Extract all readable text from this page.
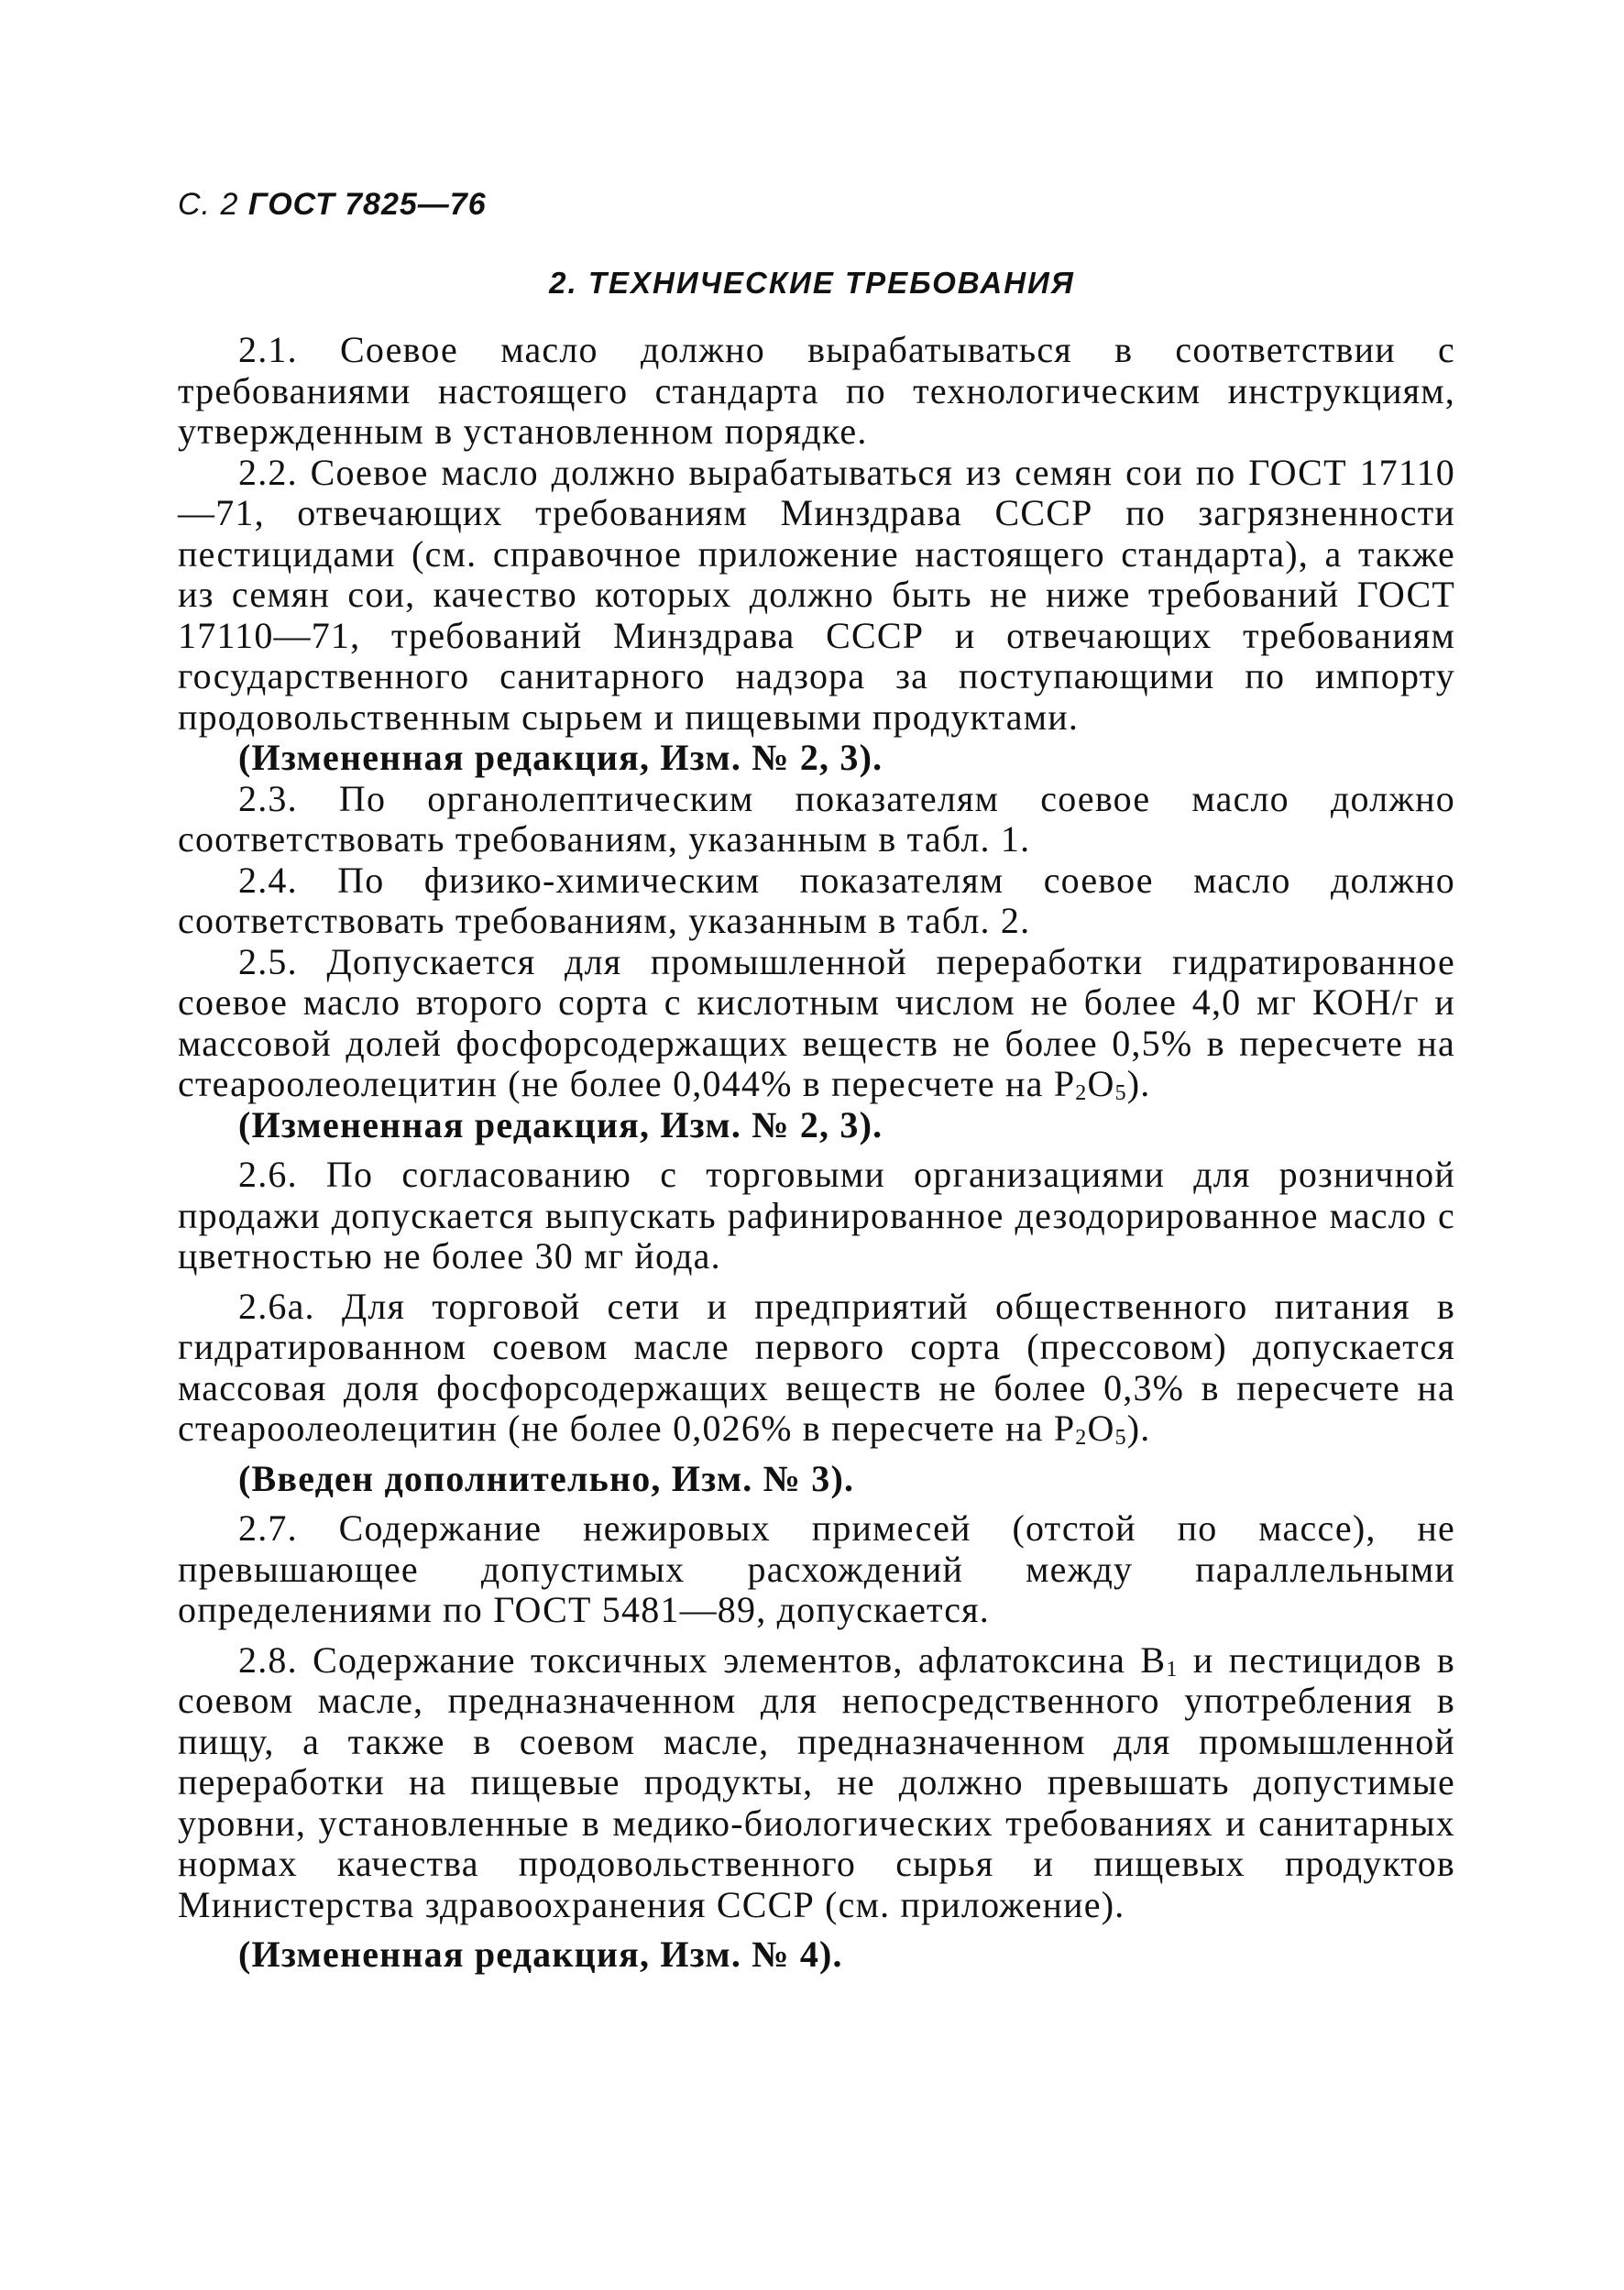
С. 2 ГОСТ 7825—76
2. ТЕХНИЧЕСКИЕ ТРЕБОВАНИЯ

2.1. Соевое масло должно вырабатываться в соответствии с требованиями настоящего стандарта по технологическим инструкциям, утвержденным в установленном порядке.

2.2. Соевое масло должно вырабатываться из семян сои по ГОСТ 17110—71, отвечающих требованиям Минздрава СССР по загрязненности пестицидами (см. справочное приложение настоящего стандарта), а также из семян сои, качество которых должно быть не ниже требований ГОСТ 17110—71, требований Минздрава СССР и отвечающих требованиям государственного санитарного надзора за поступающими по импорту продовольственным сырьем и пищевыми продуктами.

(Измененная редакция, Изм. № 2, 3).

2.3. По органолептическим показателям соевое масло должно соответствовать требованиям, указанным в табл. 1.

2.4. По физико-химическим показателям соевое масло должно соответствовать требованиям, указанным в табл. 2.

2.5. Допускается для промышленной переработки гидратированное соевое масло второго сорта с кислотным числом не более 4,0 мг КОН/г и массовой долей фосфорсодержащих веществ не более 0,5% в пересчете на стеароолеолецитин (не более 0,044% в пересчете на $P_2O_5$).

(Измененная редакция, Изм. № 2, 3).

2.6. По согласованию с торговыми организациями для розничной продажи допускается выпускать рафинированное дезодорированное масло с цветностью не более 30 мг йода.

2.6а. Для торговой сети и предприятий общественного питания в гидратированном соевом масле первого сорта (прессовом) допускается массовая доля фосфорсодержащих веществ не более 0,3% в пересчете на стеароолеолецитин (не более 0,026% в пересчете на $P_2O_5$).

(Введен дополнительно, Изм. № 3).

2.7. Содержание нежировых примесей (отстой по массе), не превышающее допустимых расхождений между параллельными определениями по ГОСТ 5481—89, допускается.

2.8. Содержание токсичных элементов, афлатоксина $B_1$ и пестицидов в соевом масле, предназначенном для непосредственного употребления в пищу, а также в соевом масле, предназначенном для промышленной переработки на пищевые продукты, не должно превышать допустимые уровни, установленные в медико-биологических требованиях и санитарных нормах качества продовольственного сырья и пищевых продуктов Министерства здравоохранения СССР (см. приложение).

(Измененная редакция, Изм. № 4).
